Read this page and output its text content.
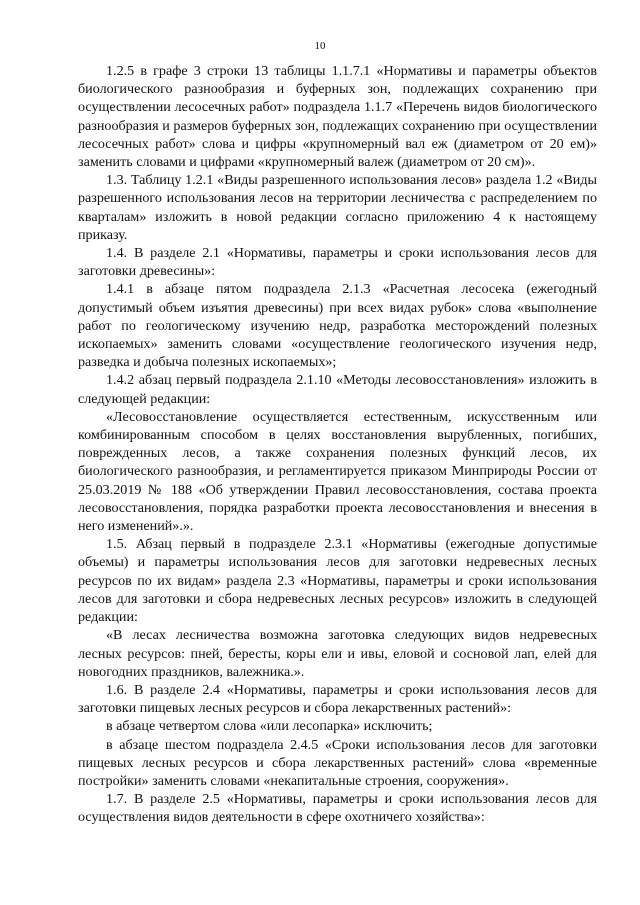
10

1.2.5 в графе 3 строки 13 таблицы 1.1.7.1 «Нормативы и параметры объектов биологического разнообразия и буферных зон, подлежащих сохранению при осуществлении лесосечных работ» подраздела 1.1.7 «Перечень видов биологического разнообразия и размеров буферных зон, подлежащих сохранению при осуществлении лесосечных работ» слова и цифры «крупномерный вал еж (диаметром от 20 ем)» заменить словами и цифрами «крупномерный валеж (диаметром от 20 см)».

1.3. Таблицу 1.2.1 «Виды разрешенного использования лесов» раздела 1.2 «Виды разрешенного использования лесов на территории лесничества с распределением по кварталам» изложить в новой редакции согласно приложению 4 к настоящему приказу.

1.4. В разделе 2.1 «Нормативы, параметры и сроки использования лесов для заготовки древесины»:

1.4.1 в абзаце пятом подраздела 2.1.3 «Расчетная лесосека (ежегодный допустимый объем изъятия древесины) при всех видах рубок» слова «выполнение работ по геологическому изучению недр, разработка месторождений полезных ископаемых» заменить словами «осуществление геологического изучения недр, разведка и добыча полезных ископаемых»;

1.4.2 абзац первый подраздела 2.1.10 «Методы лесовосстановления» изложить в следующей редакции:

«Лесовосстановление осуществляется естественным, искусственным или комбинированным способом в целях восстановления вырубленных, погибших, поврежденных лесов, а также сохранения полезных функций лесов, их биологического разнообразия, и регламентируется приказом Минприроды России от 25.03.2019 № 188 «Об утверждении Правил лесовосстановления, состава проекта лесовосстановления, порядка разработки проекта лесовосстановления и внесения в него изменений».».

1.5. Абзац первый в подразделе 2.3.1 «Нормативы (ежегодные допустимые объемы) и параметры использования лесов для заготовки недревесных лесных ресурсов по их видам» раздела 2.3 «Нормативы, параметры и сроки использования лесов для заготовки и сбора недревесных лесных ресурсов» изложить в следующей редакции:

«В лесах лесничества возможна заготовка следующих видов недревесных лесных ресурсов: пней, бересты, коры ели и ивы, еловой и сосновой лап, елей для новогодних праздников, валежника.».

1.6. В разделе 2.4 «Нормативы, параметры и сроки использования лесов для заготовки пищевых лесных ресурсов и сбора лекарственных растений»:

в абзаце четвертом слова «или лесопарка» исключить;

в абзаце шестом подраздела 2.4.5 «Сроки использования лесов для заготовки пищевых лесных ресурсов и сбора лекарственных растений» слова «временные постройки» заменить словами «некапитальные строения, сооружения».

1.7. В разделе 2.5 «Нормативы, параметры и сроки использования лесов для осуществления видов деятельности в сфере охотничего хозяйства»:
